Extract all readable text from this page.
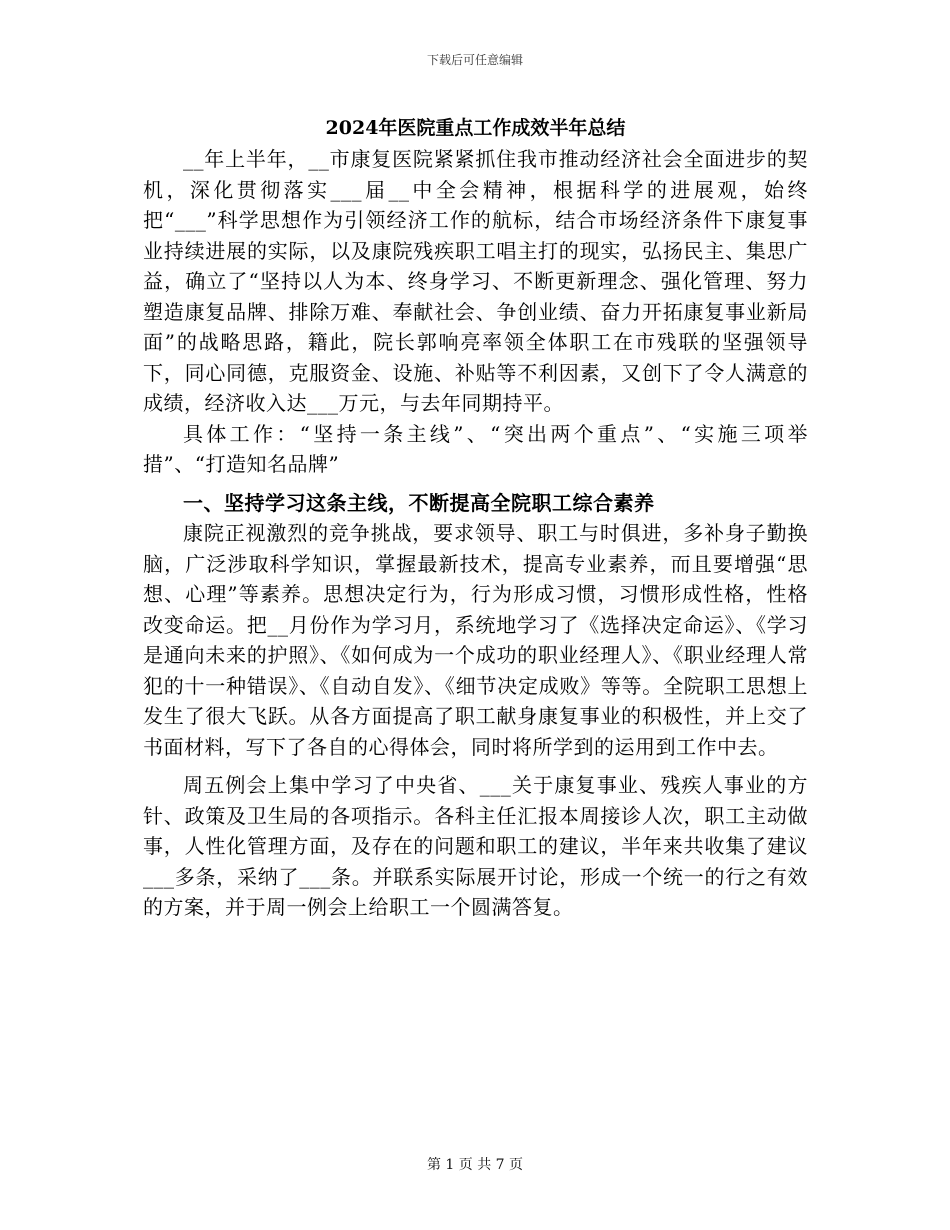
下载后可任意编辑
2024年医院重点工作成效半年总结

__年上半年，__市康复医院紧紧抓住我市推动经济社会全面进步的契机，深化贯彻落实___届__中全会精神，根据科学的进展观，始终把“___”科学思想作为引领经济工作的航标，结合市场经济条件下康复事业持续进展的实际，以及康院残疾职工唱主打的现实，弘扬民主、集思广益，确立了“坚持以人为本、终身学习、不断更新理念、强化管理、努力塑造康复品牌、排除万难、奉献社会、争创业绩、奋力开拓康复事业新局面”的战略思路，籍此，院长郭响亮率领全体职工在市残联的坚强领导下，同心同德，克服资金、设施、补贴等不利因素，又创下了令人满意的成绩，经济收入达___万元，与去年同期持平。

具体工作：“坚持一条主线”、“突出两个重点”、“实施三项举措”、“打造知名品牌”

一、坚持学习这条主线，不断提高全院职工综合素养

康院正视激烈的竞争挑战，要求领导、职工与时俱进，多补身子勤换脑，广泛涉取科学知识，掌握最新技术，提高专业素养，而且要增强“思想、心理”等素养。思想决定行为，行为形成习惯，习惯形成性格，性格改变命运。把__月份作为学习月，系统地学习了《选择决定命运》、《学习是通向未来的护照》、《如何成为一个成功的职业经理人》、《职业经理人常犯的十一种错误》、《自动自发》、《细节决定成败》等等。全院职工思想上发生了很大飞跃。从各方面提高了职工献身康复事业的积极性，并上交了书面材料，写下了各自的心得体会，同时将所学到的运用到工作中去。

周五例会上集中学习了中央省、___关于康复事业、残疾人事业的方针、政策及卫生局的各项指示。各科主任汇报本周接诊人次，职工主动做事，人性化管理方面，及存在的问题和职工的建议，半年来共收集了建议___多条，采纳了___条。并联系实际展开讨论，形成一个统一的行之有效的方案，并于周一例会上给职工一个圆满答复。

第 1 页 共 7 页
